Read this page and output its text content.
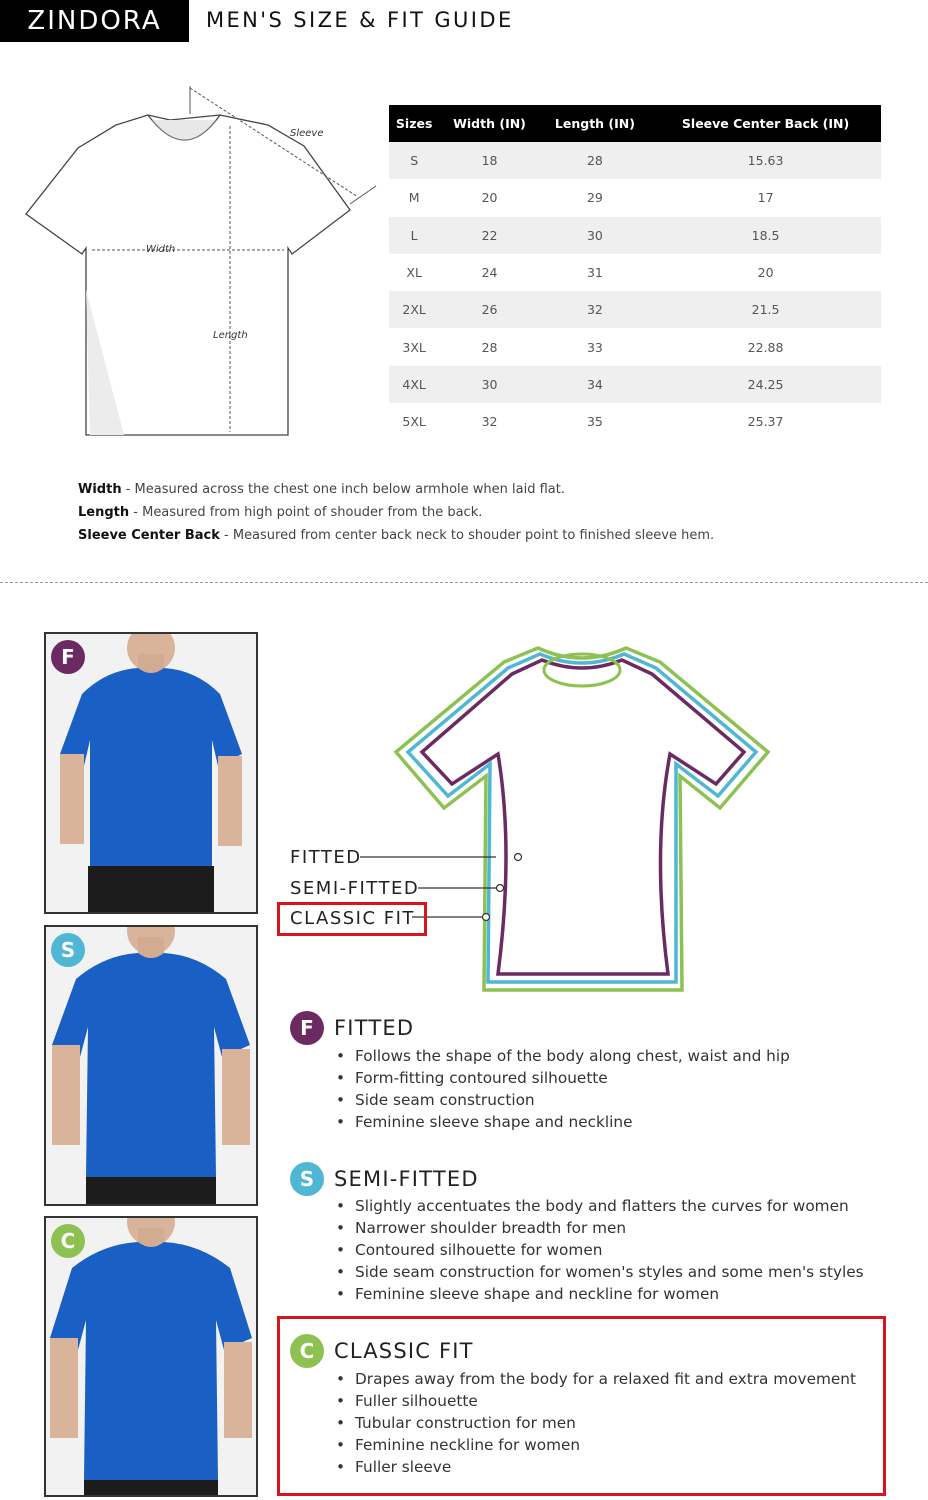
ZINDORA	MEN'S SIZE & FIT GUIDE
Sleeve
Width
Length
Sizes	Width (IN)	Length (IN)	Sleeve Center Back (IN)
S	18	28	15.63
M	20	29	17
L	22	30	18.5
XL	24	31	20
2XL	26	32	21.5
3XL	28	33	22.88
4XL	30	34	24.25
5XL	32	35	25.37
Width - Measured across the chest one inch below armhole when laid flat.
Length - Measured from high point of shouder from the back.
Sleeve Center Back - Measured from center back neck to shouder point to finished sleeve hem.
F
S
C
FITTED
SEMI-FITTED
CLASSIC FIT
F FITTED
• Follows the shape of the body along chest, waist and hip
• Form-fitting contoured silhouette
• Side seam construction
• Feminine sleeve shape and neckline
S SEMI-FITTED
• Slightly accentuates the body and flatters the curves for women
• Narrower shoulder breadth for men
• Contoured silhouette for women
• Side seam construction for women's styles and some men's styles
• Feminine sleeve shape and neckline for women
C CLASSIC FIT
• Drapes away from the body for a relaxed fit and extra movement
• Fuller silhouette
• Tubular construction for men
• Feminine neckline for women
• Fuller sleeve
